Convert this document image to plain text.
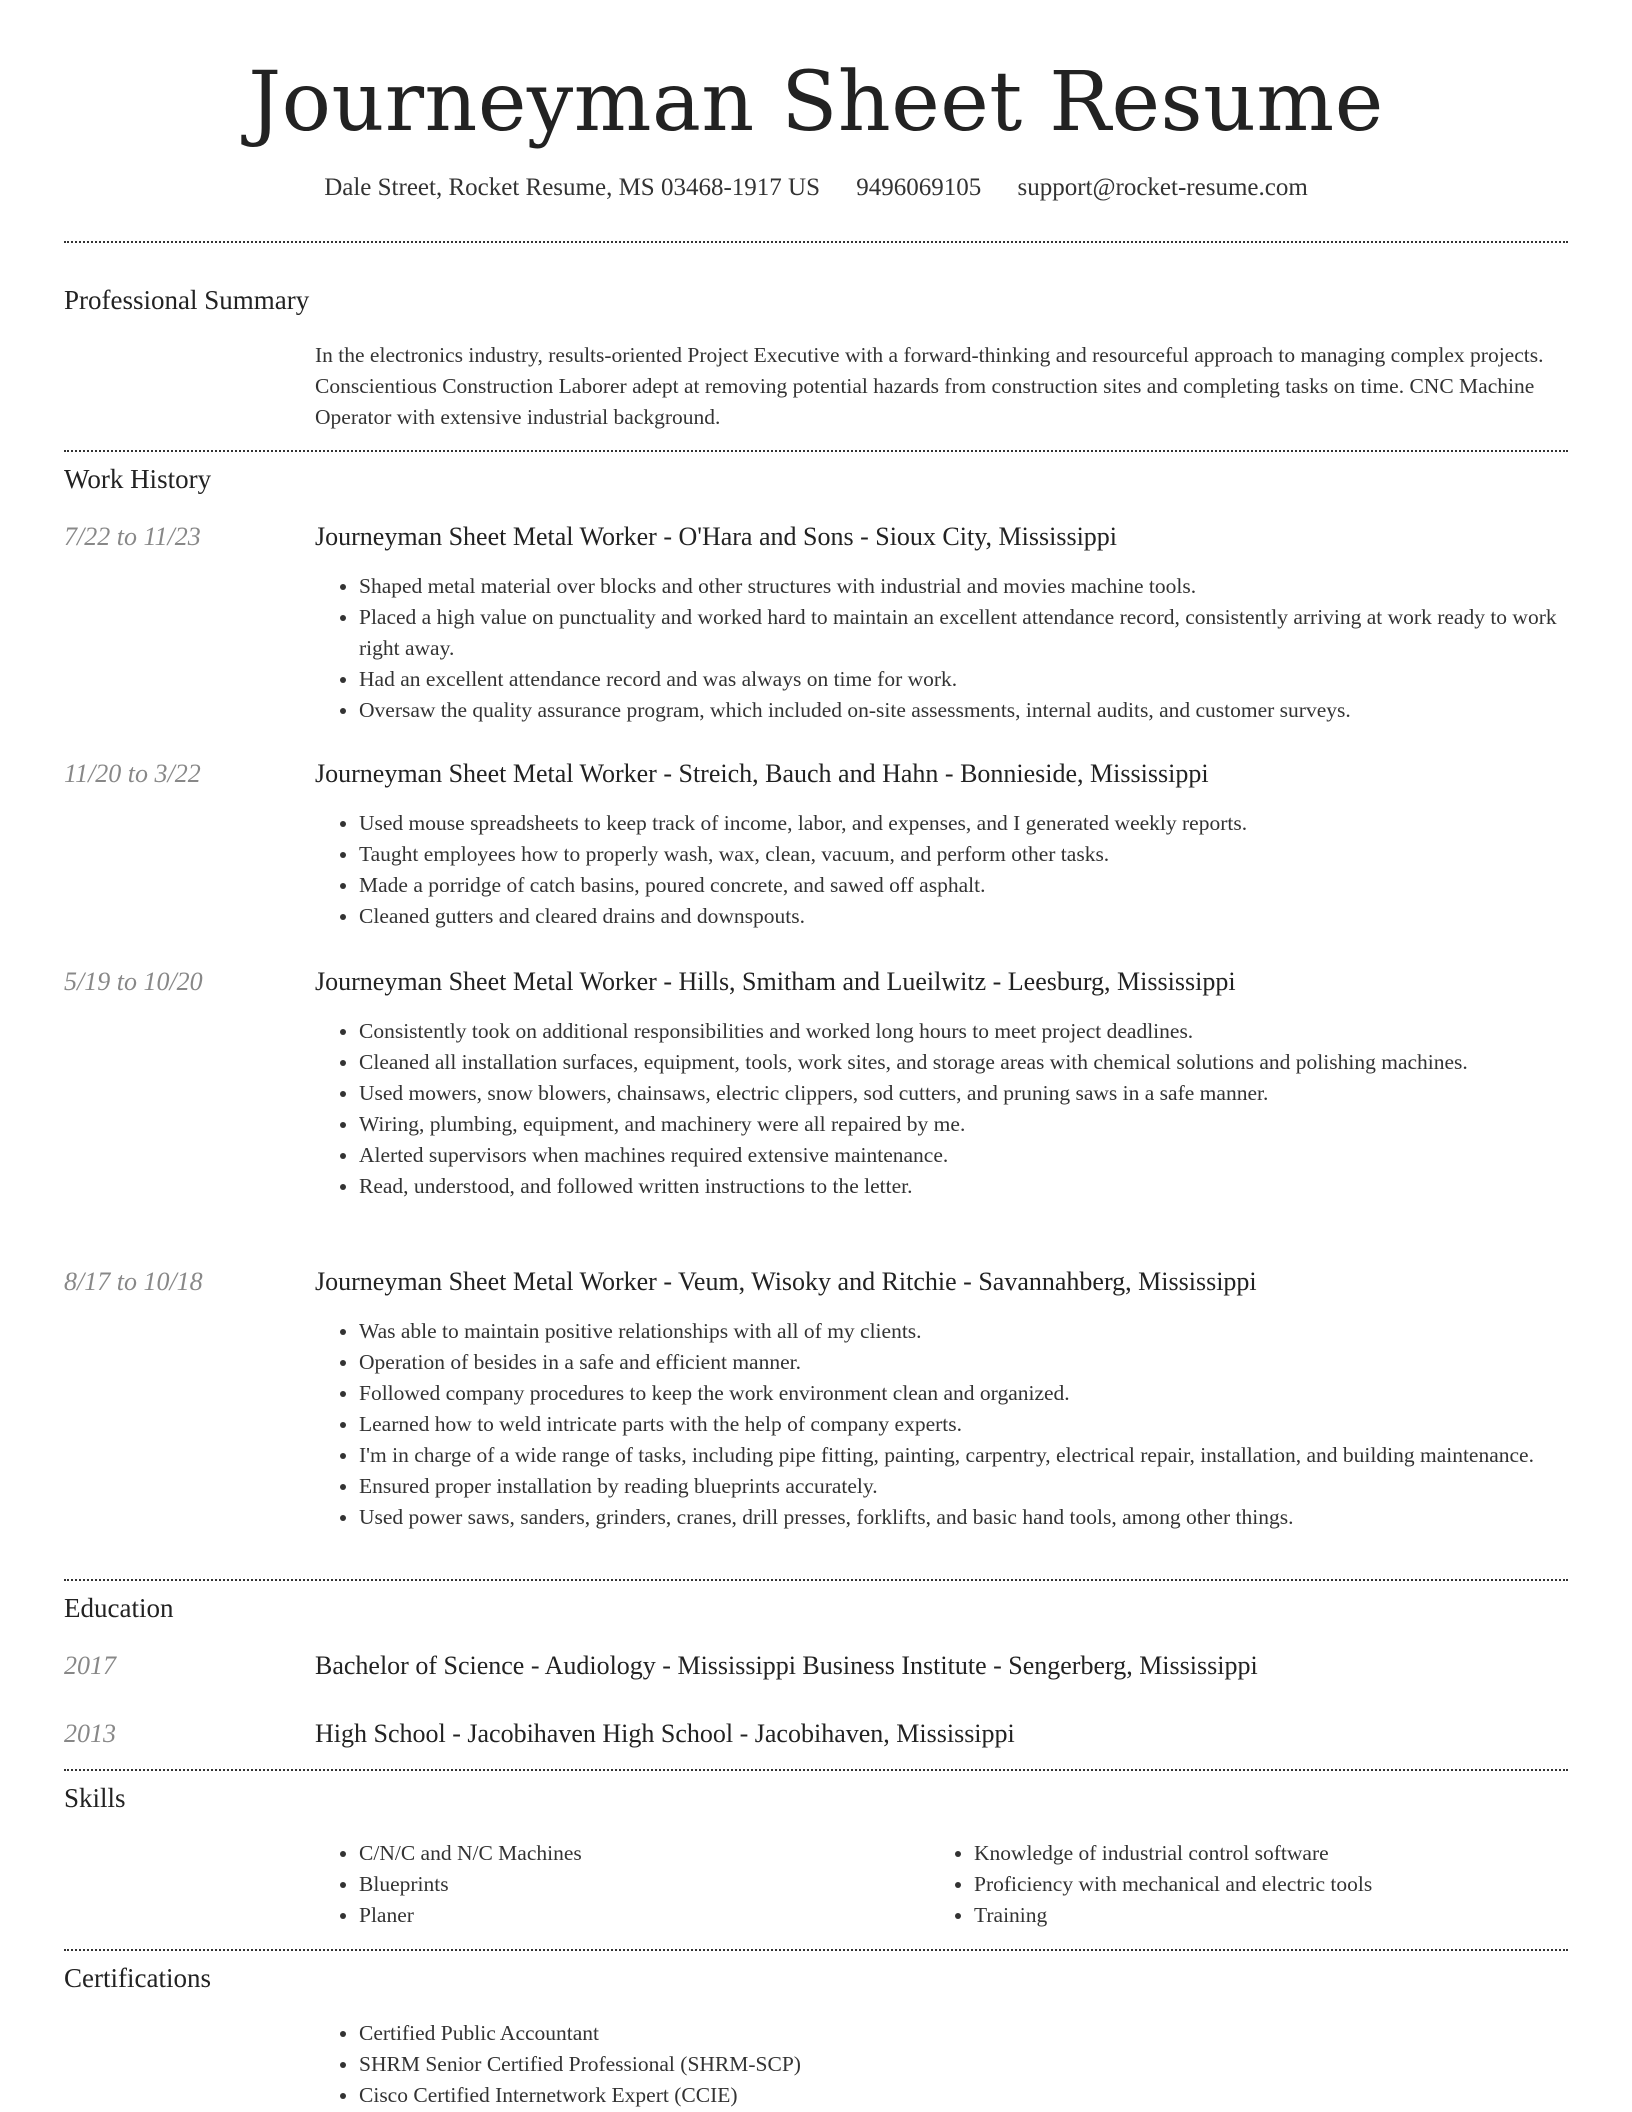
Journeyman Sheet Resume
Dale Street, Rocket Resume, MS 03468-1917 US 9496069105 support@rocket-resume.com
Professional Summary
In the electronics industry, results-oriented Project Executive with a forward-thinking and resourceful approach to managing complex projects. Conscientious Construction Laborer adept at removing potential hazards from construction sites and completing tasks on time. CNC Machine Operator with extensive industrial background.
Work History
7/22 to 11/23	Journeyman Sheet Metal Worker - O'Hara and Sons - Sioux City, Mississippi
• Shaped metal material over blocks and other structures with industrial and movies machine tools.
• Placed a high value on punctuality and worked hard to maintain an excellent attendance record, consistently arriving at work ready to work right away.
• Had an excellent attendance record and was always on time for work.
• Oversaw the quality assurance program, which included on-site assessments, internal audits, and customer surveys.
11/20 to 3/22	Journeyman Sheet Metal Worker - Streich, Bauch and Hahn - Bonnieside, Mississippi
• Used mouse spreadsheets to keep track of income, labor, and expenses, and I generated weekly reports.
• Taught employees how to properly wash, wax, clean, vacuum, and perform other tasks.
• Made a porridge of catch basins, poured concrete, and sawed off asphalt.
• Cleaned gutters and cleared drains and downspouts.
5/19 to 10/20	Journeyman Sheet Metal Worker - Hills, Smitham and Lueilwitz - Leesburg, Mississippi
• Consistently took on additional responsibilities and worked long hours to meet project deadlines.
• Cleaned all installation surfaces, equipment, tools, work sites, and storage areas with chemical solutions and polishing machines.
• Used mowers, snow blowers, chainsaws, electric clippers, sod cutters, and pruning saws in a safe manner.
• Wiring, plumbing, equipment, and machinery were all repaired by me.
• Alerted supervisors when machines required extensive maintenance.
• Read, understood, and followed written instructions to the letter.
8/17 to 10/18	Journeyman Sheet Metal Worker - Veum, Wisoky and Ritchie - Savannahberg, Mississippi
• Was able to maintain positive relationships with all of my clients.
• Operation of besides in a safe and efficient manner.
• Followed company procedures to keep the work environment clean and organized.
• Learned how to weld intricate parts with the help of company experts.
• I'm in charge of a wide range of tasks, including pipe fitting, painting, carpentry, electrical repair, installation, and building maintenance.
• Ensured proper installation by reading blueprints accurately.
• Used power saws, sanders, grinders, cranes, drill presses, forklifts, and basic hand tools, among other things.
Education
2017	Bachelor of Science - Audiology - Mississippi Business Institute - Sengerberg, Mississippi
2013	High School - Jacobihaven High School - Jacobihaven, Mississippi
Skills
• C/N/C and N/C Machines
• Blueprints
• Planer
• Knowledge of industrial control software
• Proficiency with mechanical and electric tools
• Training
Certifications
• Certified Public Accountant
• SHRM Senior Certified Professional (SHRM-SCP)
• Cisco Certified Internetwork Expert (CCIE)
